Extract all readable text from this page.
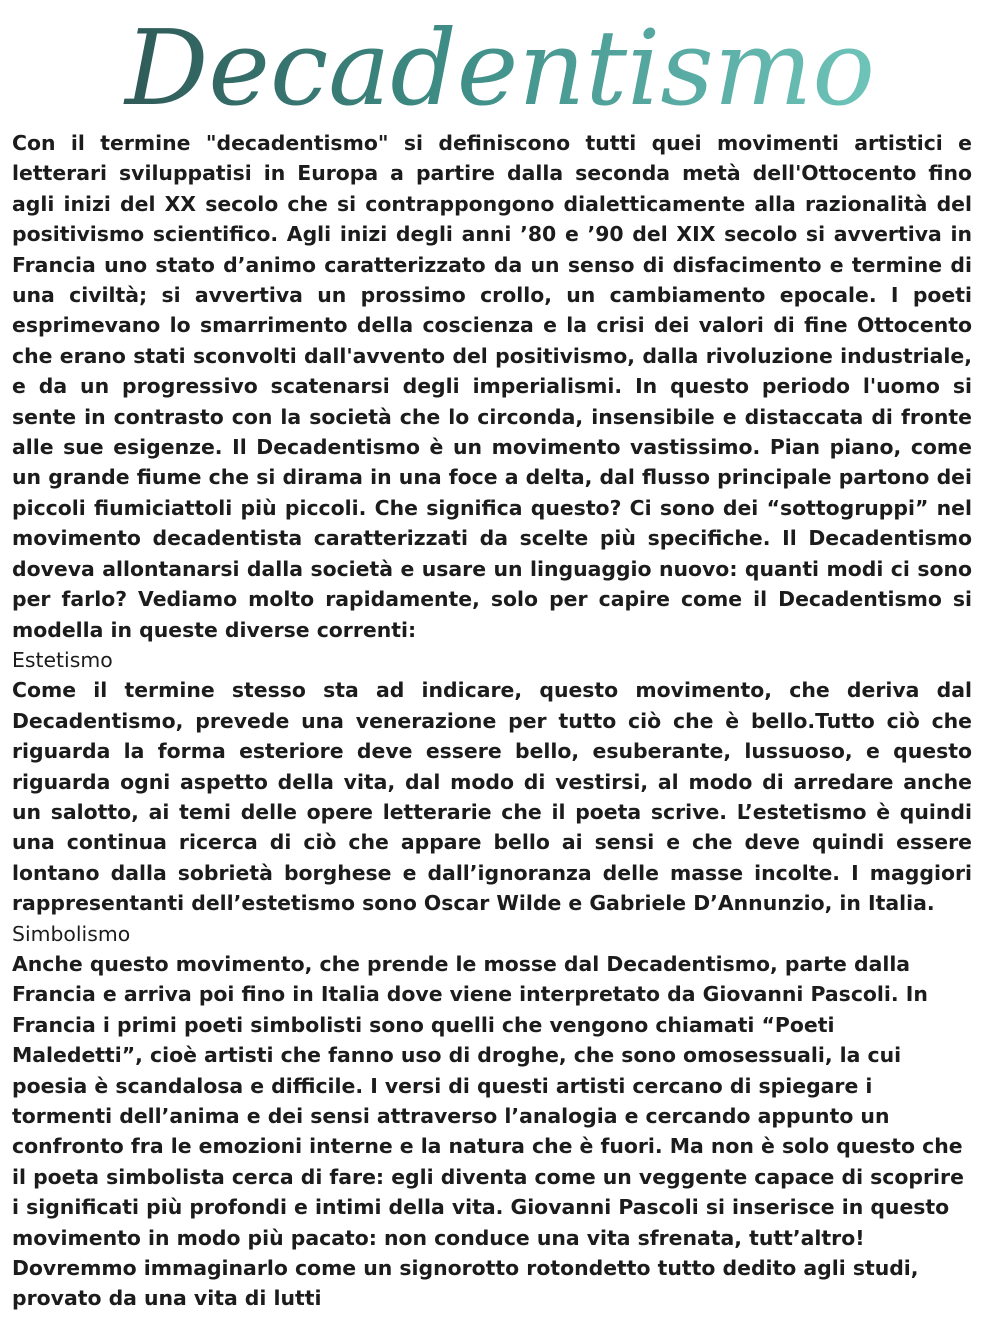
Decadentismo

Con il termine "decadentismo" si definiscono tutti quei movimenti artistici e letterari sviluppatisi in Europa a partire dalla seconda metà dell'Ottocento fino agli inizi del XX secolo che si contrappongono dialetticamente alla razionalità del positivismo scientifico. Agli inizi degli anni ’80 e ’90 del XIX secolo si avvertiva in Francia uno stato d’animo caratterizzato da un senso di disfacimento e termine di una civiltà; si avvertiva un prossimo crollo, un cambiamento epocale. I poeti esprimevano lo smarrimento della coscienza e la crisi dei valori di fine Ottocento che erano stati sconvolti dall'avvento del positivismo, dalla rivoluzione industriale, e da un progressivo scatenarsi degli imperialismi. In questo periodo l'uomo si sente in contrasto con la società che lo circonda, insensibile e distaccata di fronte alle sue esigenze. Il Decadentismo è un movimento vastissimo. Pian piano, come un grande fiume che si dirama in una foce a delta, dal flusso principale partono dei piccoli fiumiciattoli più piccoli. Che significa questo? Ci sono dei “sottogruppi” nel movimento decadentista caratterizzati da scelte più specifiche. Il Decadentismo doveva allontanarsi dalla società e usare un linguaggio nuovo: quanti modi ci sono per farlo? Vediamo molto rapidamente, solo per capire come il Decadentismo si modella in queste diverse correnti:

Estetismo

Come il termine stesso sta ad indicare, questo movimento, che deriva dal Decadentismo, prevede una venerazione per tutto ciò che è bello.Tutto ciò che riguarda la forma esteriore deve essere bello, esuberante, lussuoso, e questo riguarda ogni aspetto della vita, dal modo di vestirsi, al modo di arredare anche un salotto, ai temi delle opere letterarie che il poeta scrive. L’estetismo è quindi una continua ricerca di ciò che appare bello ai sensi e che deve quindi essere lontano dalla sobrietà borghese e dall’ignoranza delle masse incolte. I maggiori rappresentanti dell’estetismo sono Oscar Wilde e Gabriele D’Annunzio, in Italia.

Simbolismo

Anche questo movimento, che prende le mosse dal Decadentismo, parte dalla Francia e arriva poi fino in Italia dove viene interpretato da Giovanni Pascoli. In Francia i primi poeti simbolisti sono quelli che vengono chiamati “Poeti Maledetti”, cioè artisti che fanno uso di droghe, che sono omosessuali, la cui poesia è scandalosa e difficile. I versi di questi artisti cercano di spiegare i tormenti dell’anima e dei sensi attraverso l’analogia e cercando appunto un confronto fra le emozioni interne e la natura che è fuori. Ma non è solo questo che il poeta simbolista cerca di fare: egli diventa come un veggente capace di scoprire i significati più profondi e intimi della vita. Giovanni Pascoli si inserisce in questo movimento in modo più pacato: non conduce una vita sfrenata, tutt’altro! Dovremmo immaginarlo come un signorotto rotondetto tutto dedito agli studi, provato da una vita di lutti
